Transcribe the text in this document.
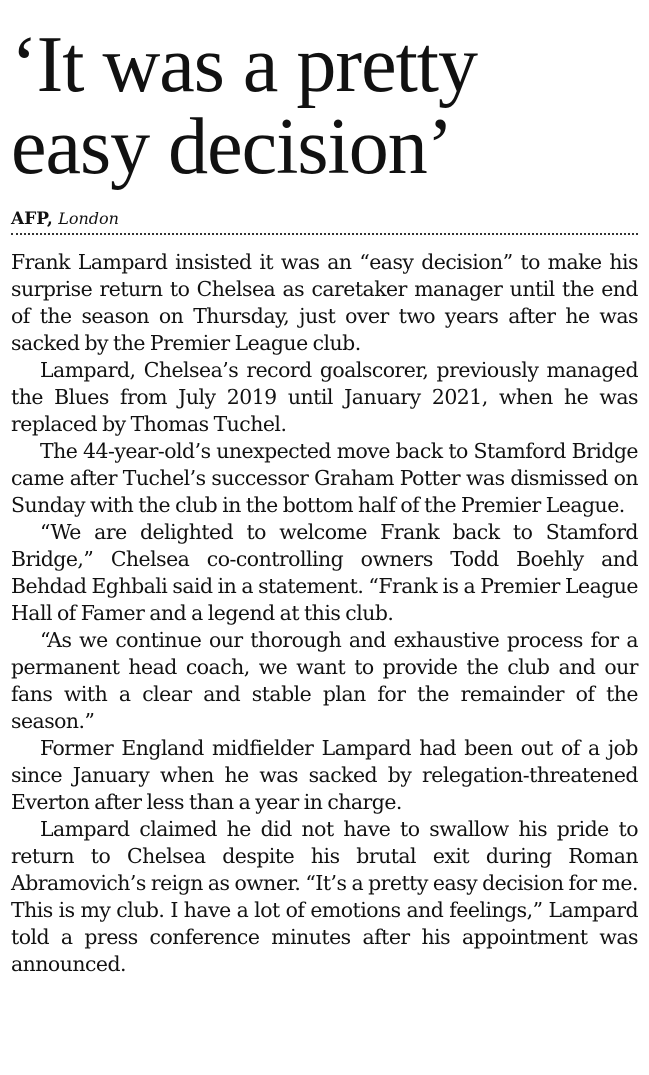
‘It was a pretty
easy decision’
AFP, London

Frank Lampard insisted it was an “easy decision” to make his surprise return to Chelsea as caretaker manager until the end of the season on Thursday, just over two years after he was sacked by the Premier League club.

Lampard, Chelsea’s record goalscorer, previously managed the Blues from July 2019 until January 2021, when he was replaced by Thomas Tuchel.

The 44-year-old’s unexpected move back to Stamford Bridge came after Tuchel’s successor Graham Potter was dismissed on Sunday with the club in the bottom half of the Premier League.

“We are delighted to welcome Frank back to Stamford Bridge,” Chelsea co-controlling owners Todd Boehly and Behdad Eghbali said in a statement. “Frank is a Premier League Hall of Famer and a legend at this club.

“As we continue our thorough and exhaustive process for a permanent head coach, we want to provide the club and our fans with a clear and stable plan for the remainder of the season.”

Former England midfielder Lampard had been out of a job since January when he was sacked by relegation-threatened Everton after less than a year in charge.

Lampard claimed he did not have to swallow his pride to return to Chelsea despite his brutal exit during Roman Abramovich’s reign as owner. “It’s a pretty easy decision for me. This is my club. I have a lot of emotions and feelings,” Lampard told a press conference minutes after his appointment was announced.
